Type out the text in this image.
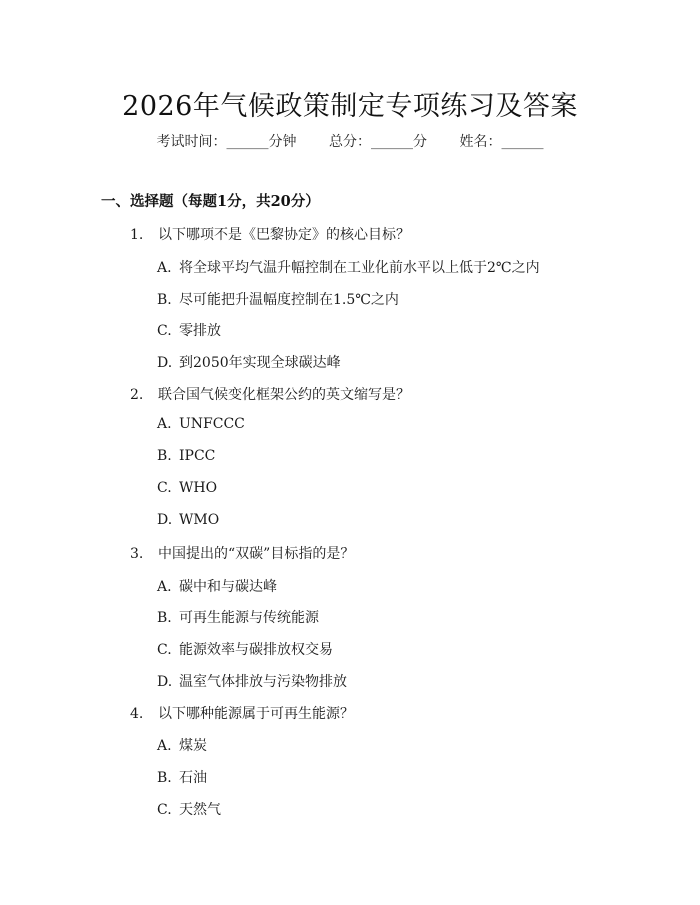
2026年气候政策制定专项练习及答案
考试时间：______分钟 总分：______分 姓名：______
一、选择题（每题1分，共20分）
1. 以下哪项不是《巴黎协定》的核心目标？
A. 将全球平均气温升幅控制在工业化前水平以上低于2℃之内
B. 尽可能把升温幅度控制在1.5℃之内
C. 零排放
D. 到2050年实现全球碳达峰
2. 联合国气候变化框架公约的英文缩写是？
A. UNFCCC
B. IPCC
C. WHO
D. WMO
3. 中国提出的“双碳”目标指的是？
A. 碳中和与碳达峰
B. 可再生能源与传统能源
C. 能源效率与碳排放权交易
D. 温室气体排放与污染物排放
4. 以下哪种能源属于可再生能源？
A. 煤炭
B. 石油
C. 天然气
